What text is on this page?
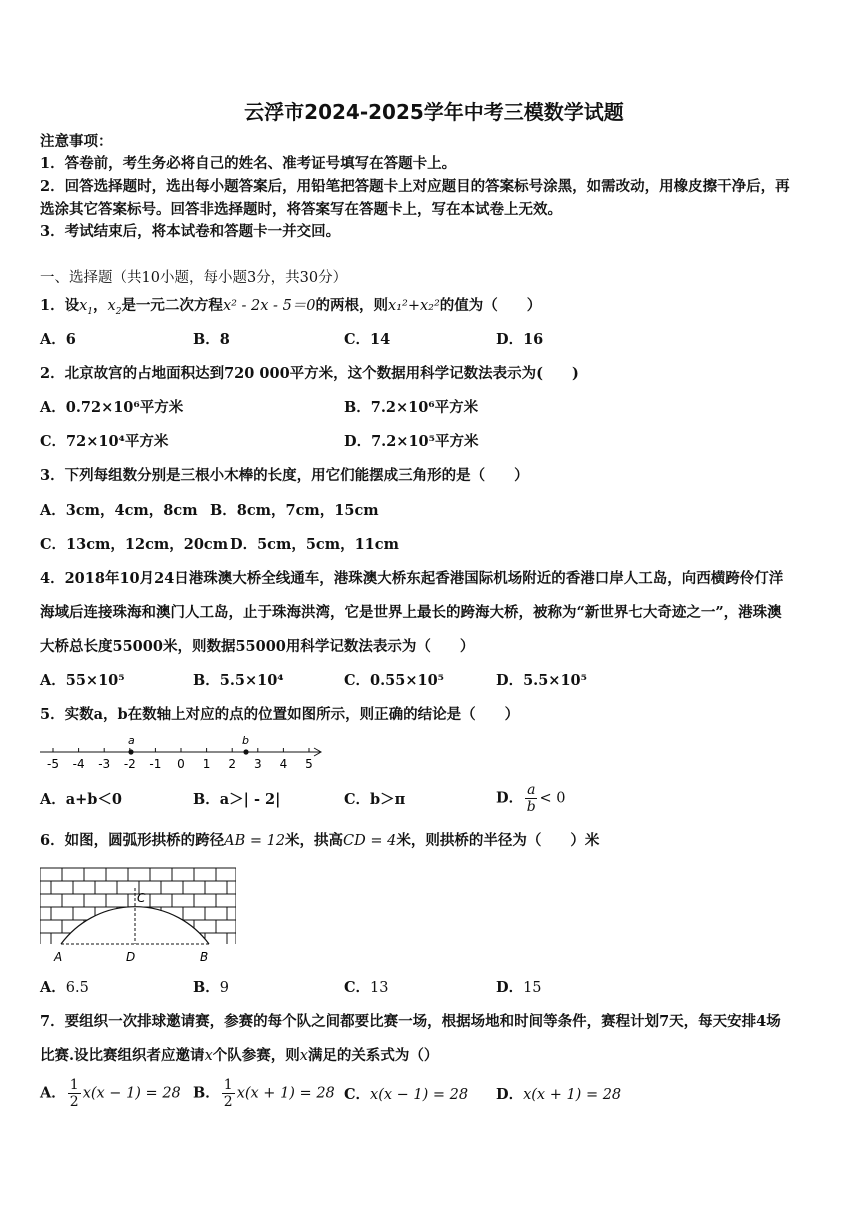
云浮市2024-2025学年中考三模数学试题
注意事项：
1．答卷前，考生务必将自己的姓名、准考证号填写在答题卡上。
2．回答选择题时，选出每小题答案后，用铅笔把答题卡上对应题目的答案标号涂黑，如需改动，用橡皮擦干净后，再
选涂其它答案标号。回答非选择题时，将答案写在答题卡上，写在本试卷上无效。
3．考试结束后，将本试卷和答题卡一并交回。
一、选择题（共10小题，每小题3分，共30分）
1．设$x_1$，$x_2$是一元二次方程x² - 2x - 5＝0的两根，则x₁²+x₂²的值为（　　）
A．6	B．8	C．14	D．16
2．北京故宫的占地面积达到720 000平方米，这个数据用科学记数法表示为(　　)
A．0.72×10⁶平方米	B．7.2×10⁶平方米
C．72×10⁴平方米	D．7.2×10⁵平方米
3．下列每组数分别是三根小木棒的长度，用它们能摆成三角形的是（　　）
A．3cm，4cm，8cm B．8cm，7cm，15cm
C．13cm，12cm，20cm D．5cm，5cm，11cm
4．2018年10月24日港珠澳大桥全线通车，港珠澳大桥东起香港国际机场附近的香港口岸人工岛，向西横跨伶仃洋
海域后连接珠海和澳门人工岛，止于珠海洪湾，它是世界上最长的跨海大桥，被称为“新世界七大奇迹之一”，港珠澳
大桥总长度55000米，则数据55000用科学记数法表示为（　　）
A．55×10⁵	B．5.5×10⁴	C．0.55×10⁵	D．5.5×10⁵
5．实数a，b在数轴上对应的点的位置如图所示，则正确的结论是（　　）
-5 -4 -3 -2 -1 0 1 2 3 4 5
a	b
A．a+b＜0	B．a＞| - 2|	C．b＞π	D． $\frac{a}{b} < 0$
6．如图，圆弧形拱桥的跨径AB = 12米，拱高CD = 4米，则拱桥的半径为（　　）米
A	D	B
C
A．6.5	B．9	C．13	D．15
7．要组织一次排球邀请赛，参赛的每个队之间都要比赛一场，根据场地和时间等条件，赛程计划7天，每天安排4场
比赛.设比赛组织者应邀请x个队参赛，则x满足的关系式为（）
A． $\frac{1}{2} x(x - 1) = 28$ B． $\frac{1}{2} x(x + 1) = 28$ C．x(x − 1) = 28 D．x(x + 1) = 28
